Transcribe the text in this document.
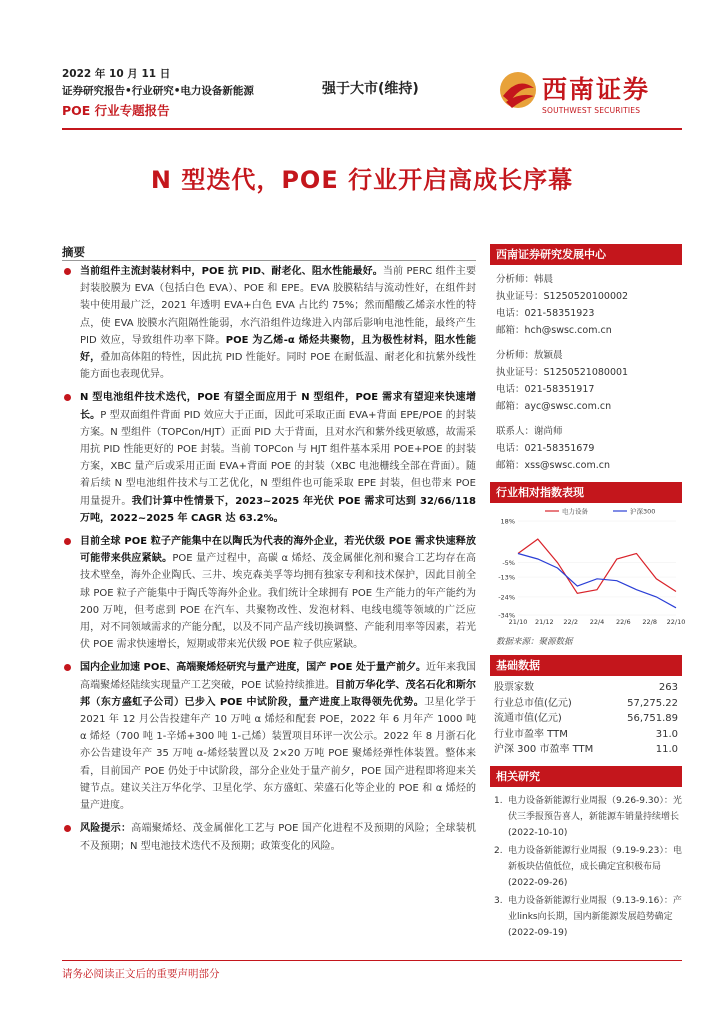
2022 年 10 月 11 日
证券研究报告•行业研究•电力设备新能源
POE 行业专题报告
强于大市(维持)	西南证券
SOUTHWEST SECURITIES
N 型迭代，POE 行业开启高成长序幕
摘要
当前组件主流封装材料中，POE 抗 PID、耐老化、阻水性能最好。当前 PERC 组件主要封装胶膜为 EVA（包括白色 EVA）、POE 和 EPE。EVA 胶膜粘结与流动性好，在组件封装中使用最广泛，2021 年透明 EVA+白色 EVA 占比约 75%；然而醋酸乙烯亲水性的特点，使 EVA 胶膜水汽阻隔性能弱，水汽沿组件边缘进入内部后影响电池性能，最终产生 PID 效应，导致组件功率下降。POE 为乙烯-α 烯烃共聚物，且为极性材料，阻水性能好，叠加高体阻的特性，因此抗 PID 性能好。同时 POE 在耐低温、耐老化和抗紫外线性能方面也表现优异。
N 型电池组件技术迭代，POE 有望全面应用于 N 型组件，POE 需求有望迎来快速增长。P 型双面组件背面 PID 效应大于正面，因此可采取正面 EVA+背面 EPE/POE 的封装方案。N 型组件（TOPCon/HJT）正面 PID 大于背面，且对水汽和紫外线更敏感，故需采用抗 PID 性能更好的 POE 封装。当前 TOPCon 与 HJT 组件基本采用 POE+POE 的封装方案，XBC 量产后或采用正面 EVA+背面 POE 的封装（XBC 电池栅线全部在背面）。随着后续 N 型电池组件技术与工艺优化，N 型组件也可能采取 EPE 封装，但也带来 POE 用量提升。我们计算中性情景下，2023~2025 年光伏 POE 需求可达到 32/66/118 万吨，2022~2025 年 CAGR 达 63.2%。
目前全球 POE 粒子产能集中在以陶氏为代表的海外企业，若光伏级 POE 需求快速释放可能带来供应紧缺。POE 量产过程中，高碳 α 烯烃、茂金属催化剂和聚合工艺均存在高技术壁垒，海外企业陶氏、三井、埃克森美孚等均拥有独家专利和技术保护，因此目前全球 POE 粒子产能集中于陶氏等海外企业。我们统计全球拥有 POE 生产能力的年产能约为 200 万吨，但考虑到 POE 在汽车、共聚物改性、发泡材料、电线电缆等领域的广泛应用，对不同领域需求的产能分配，以及不同产品产线切换调整、产能利用率等因素，若光伏 POE 需求快速增长，短期或带来光伏级 POE 粒子供应紧缺。
国内企业加速 POE、高端聚烯烃研究与量产进度，国产 POE 处于量产前夕。近年来我国高端聚烯烃陆续实现量产工艺突破，POE 试验持续推进。目前万华化学、茂名石化和斯尔邦（东方盛虹子公司）已步入 POE 中试阶段，量产进度上取得领先优势。卫星化学于 2021 年 12 月公告投建年产 10 万吨 α 烯烃和配套 POE，2022 年 6 月年产 1000 吨 α 烯烃（700 吨 1-辛烯+300 吨 1-己烯）装置项目环评一次公示。2022 年 8 月浙石化亦公告建设年产 35 万吨 α-烯烃装置以及 2×20 万吨 POE 聚烯烃弹性体装置。整体来看，目前国产 POE 仍处于中试阶段，部分企业处于量产前夕，POE 国产进程即将迎来关键节点。建议关注万华化学、卫星化学、东方盛虹、荣盛石化等企业的 POE 和 α 烯烃的量产进度。
风险提示：高端聚烯烃、茂金属催化工艺与 POE 国产化进程不及预期的风险；全球装机不及预期；N 型电池技术迭代不及预期；政策变化的风险。
西南证券研究发展中心
分析师：韩晨
执业证号：S1250520100002
电话：021-58351923
邮箱：hch@swsc.com.cn
分析师：敖颖晨
执业证号：S1250521080001
电话：021-58351917
邮箱：ayc@swsc.com.cn
联系人：谢尚师
电话：021-58351679
邮箱：xss@swsc.com.cn
行业相对指数表现
18%
-5%
-13%
-24%
-34%
21/10 21/12 22/2 22/4 22/6 22/8 22/10
电力设备	沪深300
数据来源：聚源数据
基础数据
股票家数	263
行业总市值(亿元)	57,275.22
流通市值(亿元)	56,751.89
行业市盈率 TTM	31.0
沪深 300 市盈率 TTM	11.0
相关研究
1. 电力设备新能源行业周报（9.26-9.30）：光伏三季报预告喜人，新能源车销量持续增长 (2022-10-10)
2. 电力设备新能源行业周报（9.19-9.23）：电新板块估值低位，成长确定宜积极布局 (2022-09-26)
3. 电力设备新能源行业周报（9.13-9.16）：产业links向长期，国内新能源发展趋势确定 (2022-09-19)
请务必阅读正文后的重要声明部分
